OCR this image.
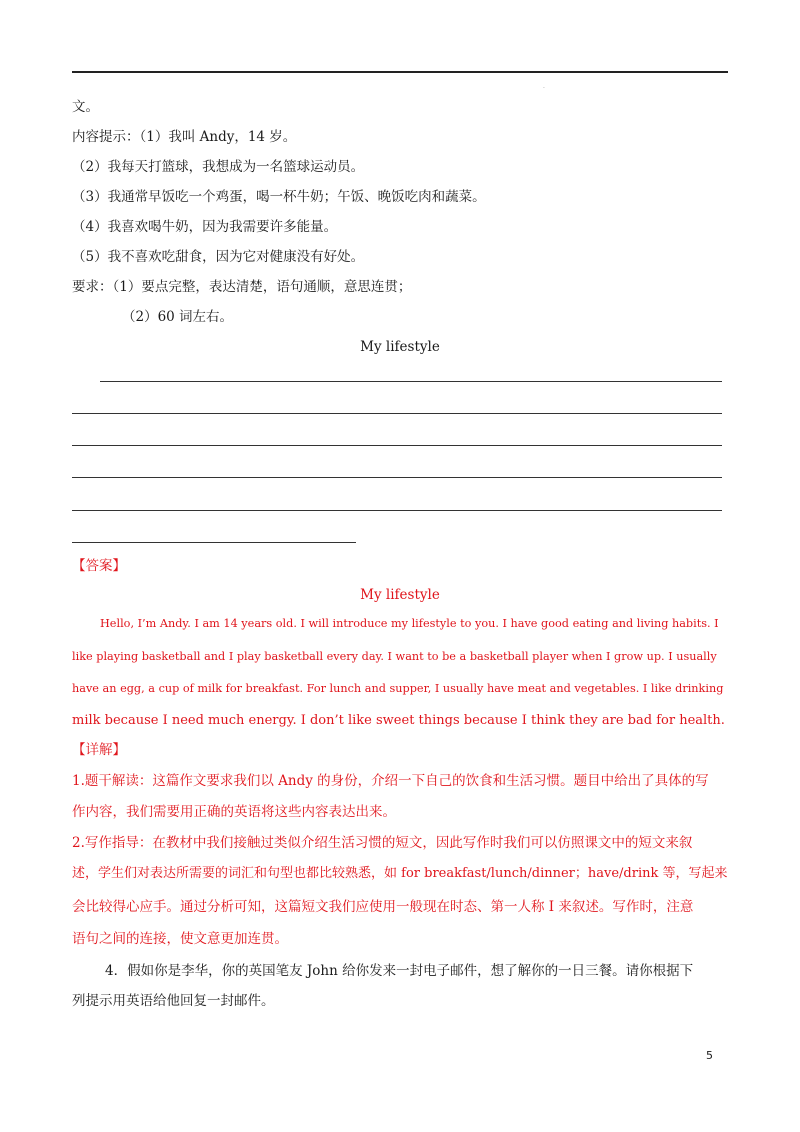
·
文。
内容提示：（1）我叫 Andy，14 岁。
（2）我每天打篮球，我想成为一名篮球运动员。
（3）我通常早饭吃一个鸡蛋，喝一杯牛奶；午饭、晚饭吃肉和蔬菜。
（4）我喜欢喝牛奶，因为我需要许多能量。
（5）我不喜欢吃甜食，因为它对健康没有好处。
要求：（1）要点完整，表达清楚，语句通顺，意思连贯；
（2）60 词左右。
My lifestyle
【答案】
My lifestyle
Hello, I’m Andy. I am 14 years old. I will introduce my lifestyle to you. I have good eating and living habits. I
like playing basketball and I play basketball every day. I want to be a basketball player when I grow up. I usually
have an egg, a cup of milk for breakfast. For lunch and supper, I usually have meat and vegetables. I like drinking
milk because I need much energy. I don’t like sweet things because I think they are bad for health.
【详解】
1.题干解读：这篇作文要求我们以 Andy 的身份，介绍一下自己的饮食和生活习惯。题目中给出了具体的写
作内容，我们需要用正确的英语将这些内容表达出来。
2.写作指导：在教材中我们接触过类似介绍生活习惯的短文，因此写作时我们可以仿照课文中的短文来叙
述，学生们对表达所需要的词汇和句型也都比较熟悉，如 for breakfast/lunch/dinner；have/drink 等，写起来
会比较得心应手。通过分析可知，这篇短文我们应使用一般现在时态、第一人称 I 来叙述。写作时，注意
语句之间的连接，使文意更加连贯。
4．假如你是李华，你的英国笔友 John 给你发来一封电子邮件，想了解你的一日三餐。请你根据下
列提示用英语给他回复一封邮件。
5
